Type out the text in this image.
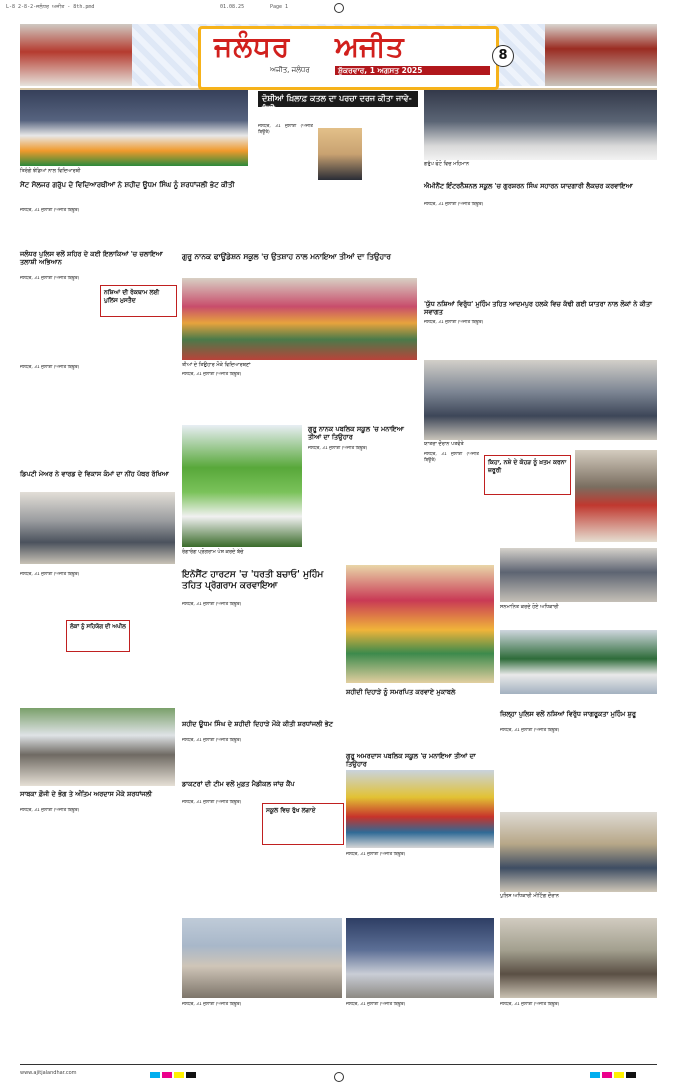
L-8 2-8-2-ਜਲੰਧਰ ਅਜੀਤ - 8th.pmd	01.08.25	Page 1
ਜਲੰਧਰ ਅਜੀਤ
ਅਜੀਤ, ਜਲੰਧਰ	ਸ਼ੁੱਕਰਵਾਰ, 1 ਅਗਸਤ 2025
8
ਤਿਰੰਗੇ ਝੰਡਿਆਂ ਨਾਲ ਵਿਦਿਆਰਥੀ
ਦੋਸ਼ੀਆਂ ਖ਼ਿਲਾਫ਼ ਕਤਲ ਦਾ ਪਰਚਾ ਦਰਜ ਕੀਤਾ ਜਾਵੇ-ਰੰਗੀ
ਜਲੰਧਰ, 31 ਜੁਲਾਈ (ਅਜੀਤ ਬਿਊਰੋ)
ਗਰੁੱਪ ਫੋਟੋ ਵਿਚ ਮਹਿਮਾਨ
ਸੇਂਟ ਸੋਲਜਰ ਗਰੁੱਪ ਦੇ ਵਿਦਿਆਰਥੀਆਂ ਨੇ ਸ਼ਹੀਦ ਊਧਮ ਸਿੰਘ ਨੂੰ ਸ਼ਰਧਾਂਜਲੀ ਭੇਟ ਕੀਤੀ
ਜਲੰਧਰ, 31 ਜੁਲਾਈ (ਅਜੀਤ ਬਿਊਰੋ)
ਐਮੀਨੈਂਟ ਇੰਟਰਨੈਸ਼ਨਲ ਸਕੂਲ 'ਚ ਗੁਰਸ਼ਰਨ ਸਿੰਘ ਸਹਾਰਨ ਯਾਦਗਾਰੀ ਲੈਕਚਰ ਕਰਵਾਇਆ
ਜਲੰਧਰ, 31 ਜੁਲਾਈ (ਅਜੀਤ ਬਿਊਰੋ)
ਜਲੰਧਰ ਪੁਲਿਸ ਵਲੋਂ ਸ਼ਹਿਰ ਦੇ ਕਈ ਇਲਾਕਿਆਂ 'ਚ ਚਲਾਇਆ ਤਲਾਸ਼ੀ ਅਭਿਆਨ
ਜਲੰਧਰ, 31 ਜੁਲਾਈ (ਅਜੀਤ ਬਿਊਰੋ)
ਨਸ਼ਿਆਂ ਦੀ ਰੋਕਥਾਮ ਲਈ ਪੁਲਿਸ ਮੁਸਤੈਦ
ਗੁਰੂ ਨਾਨਕ ਫਾਊਂਡੇਸ਼ਨ ਸਕੂਲ 'ਚ ਉਤਸ਼ਾਹ ਨਾਲ ਮਨਾਇਆ ਤੀਆਂ ਦਾ ਤਿਉਹਾਰ
ਤੀਆਂ ਦੇ ਤਿਉਹਾਰ ਮੌਕੇ ਵਿਦਿਆਰਥਣਾਂ
'ਯੁੱਧ ਨਸ਼ਿਆਂ ਵਿਰੁੱਧ' ਮੁਹਿੰਮ ਤਹਿਤ ਆਦਮਪੁਰ ਹਲਕੇ ਵਿਚ ਕੱਢੀ ਗਈ ਯਾਤਰਾ ਨਾਲ ਲੋਕਾਂ ਨੇ ਕੀਤਾ ਸਵਾਗਤ
ਜਲੰਧਰ, 31 ਜੁਲਾਈ (ਅਜੀਤ ਬਿਊਰੋ)
ਯਾਤਰਾ ਦੌਰਾਨ ਪਤਵੰਤੇ
ਜਲੰਧਰ, 31 ਜੁਲਾਈ (ਅਜੀਤ ਬਿਊਰੋ)
ਜਲੰਧਰ, 31 ਜੁਲਾਈ (ਅਜੀਤ ਬਿਊਰੋ)
ਡਿਪਟੀ ਮੇਅਰ ਨੇ ਵਾਰਡ ਦੇ ਵਿਕਾਸ ਕੰਮਾਂ ਦਾ ਨੀਂਹ ਪੱਥਰ ਰੱਖਿਆ
ਰੰਗਾਰੰਗ ਪ੍ਰੋਗਰਾਮ ਪੇਸ਼ ਕਰਦੇ ਬੱਚੇ
ਗੁਰੂ ਨਾਨਕ ਪਬਲਿਕ ਸਕੂਲ 'ਚ ਮਨਾਇਆ ਤੀਆਂ ਦਾ ਤਿਉਹਾਰ
ਜਲੰਧਰ, 31 ਜੁਲਾਈ (ਅਜੀਤ ਬਿਊਰੋ)
ਜਲੰਧਰ, 31 ਜੁਲਾਈ (ਅਜੀਤ ਬਿਊਰੋ)	ਕਿਹਾ, ਨਸ਼ੇ ਦੇ ਕੋਹੜ ਨੂੰ ਖ਼ਤਮ ਕਰਨਾ ਜ਼ਰੂਰੀ
ਇਨੋਸੈਂਟ ਹਾਰਟਸ 'ਚ 'ਧਰਤੀ ਬਚਾਓ' ਮੁਹਿੰਮ ਤਹਿਤ ਪ੍ਰੋਗਰਾਮ ਕਰਵਾਇਆ
ਜਲੰਧਰ, 31 ਜੁਲਾਈ (ਅਜੀਤ ਬਿਊਰੋ)
ਸ਼ਹੀਦੀ ਦਿਹਾੜੇ ਨੂੰ ਸਮਰਪਿਤ ਕਰਵਾਏ ਮੁਕਾਬਲੇ
ਸਨਮਾਨਿਤ ਕਰਦੇ ਹੋਏ ਅਧਿਕਾਰੀ
ਜਲੰਧਰ, 31 ਜੁਲਾਈ (ਅਜੀਤ ਬਿਊਰੋ)
ਲੋਕਾਂ ਨੂੰ ਸਹਿਯੋਗ ਦੀ ਅਪੀਲ
ਸ਼ਹੀਦ ਊਧਮ ਸਿੰਘ ਦੇ ਸ਼ਹੀਦੀ ਦਿਹਾੜੇ ਮੌਕੇ ਕੀਤੀ ਸ਼ਰਧਾਂਜਲੀ ਭੇਟ
ਜਲੰਧਰ, 31 ਜੁਲਾਈ (ਅਜੀਤ ਬਿਊਰੋ)
ਜ਼ਿਲ੍ਹਾ ਪੁਲਿਸ ਵਲੋਂ ਨਸ਼ਿਆਂ ਵਿਰੁੱਧ ਜਾਗਰੂਕਤਾ ਮੁਹਿੰਮ ਸ਼ੁਰੂ
ਜਲੰਧਰ, 31 ਜੁਲਾਈ (ਅਜੀਤ ਬਿਊਰੋ)
ਸਾਬਕਾ ਫ਼ੌਜੀ ਦੇ ਭੋਗ ਤੇ ਅੰਤਿਮ ਅਰਦਾਸ ਮੌਕੇ ਸ਼ਰਧਾਂਜਲੀ
ਜਲੰਧਰ, 31 ਜੁਲਾਈ (ਅਜੀਤ ਬਿਊਰੋ)
ਡਾਕਟਰਾਂ ਦੀ ਟੀਮ ਵਲੋਂ ਮੁਫ਼ਤ ਮੈਡੀਕਲ ਜਾਂਚ ਕੈਂਪ
ਜਲੰਧਰ, 31 ਜੁਲਾਈ (ਅਜੀਤ ਬਿਊਰੋ)
ਸਕੂਲ ਵਿਚ ਰੁੱਖ ਲਗਾਏ
ਗੁਰੂ ਅਮਰਦਾਸ ਪਬਲਿਕ ਸਕੂਲ 'ਚ ਮਨਾਇਆ ਤੀਆਂ ਦਾ ਤਿਉਹਾਰ
ਜਲੰਧਰ, 31 ਜੁਲਾਈ (ਅਜੀਤ ਬਿਊਰੋ)
ਪੁਲਿਸ ਅਧਿਕਾਰੀ ਮੀਟਿੰਗ ਦੌਰਾਨ
ਜਲੰਧਰ, 31 ਜੁਲਾਈ (ਅਜੀਤ ਬਿਊਰੋ)	ਜਲੰਧਰ, 31 ਜੁਲਾਈ (ਅਜੀਤ ਬਿਊਰੋ)	ਜਲੰਧਰ, 31 ਜੁਲਾਈ (ਅਜੀਤ ਬਿਊਰੋ)
www.ajitjalandhar.com
